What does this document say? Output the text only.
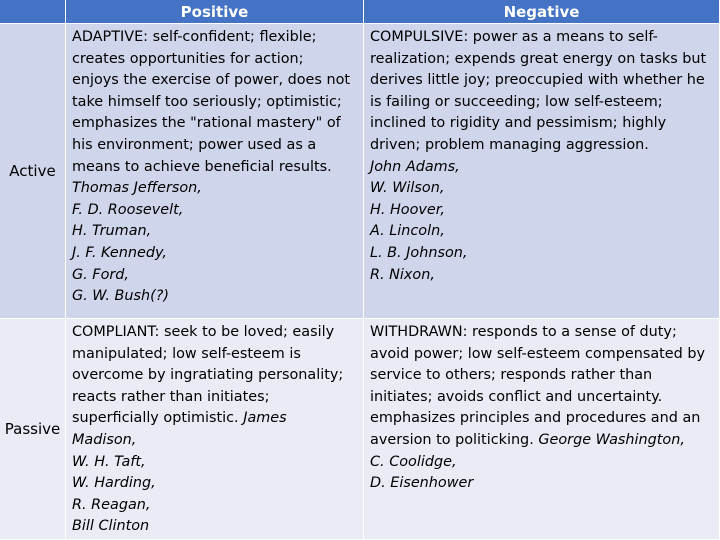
Positive	Negative
Active
ADAPTIVE: self-confident; flexible;
creates opportunities for action;
enjoys the exercise of power, does not
take himself too seriously; optimistic;
emphasizes the "rational mastery" of
his environment; power used as a
means to achieve beneficial results.
Thomas Jefferson,
F. D. Roosevelt,
H. Truman,
J. F. Kennedy,
G. Ford,
G. W. Bush(?)
COMPULSIVE: power as a means to self-
realization; expends great energy on tasks but
derives little joy; preoccupied with whether he
is failing or succeeding; low self-esteem;
inclined to rigidity and pessimism; highly
driven; problem managing aggression.
John Adams,
W. Wilson,
H. Hoover,
A. Lincoln,
L. B. Johnson,
R. Nixon,
Passive
COMPLIANT: seek to be loved; easily
manipulated; low self-esteem is
overcome by ingratiating personality;
reacts rather than initiates;
superficially optimistic. James
Madison,
W. H. Taft,
W. Harding,
R. Reagan,
Bill Clinton
WITHDRAWN: responds to a sense of duty;
avoid power; low self-esteem compensated by
service to others; responds rather than
initiates; avoids conflict and uncertainty.
emphasizes principles and procedures and an
aversion to politicking. George Washington,
C. Coolidge,
D. Eisenhower
